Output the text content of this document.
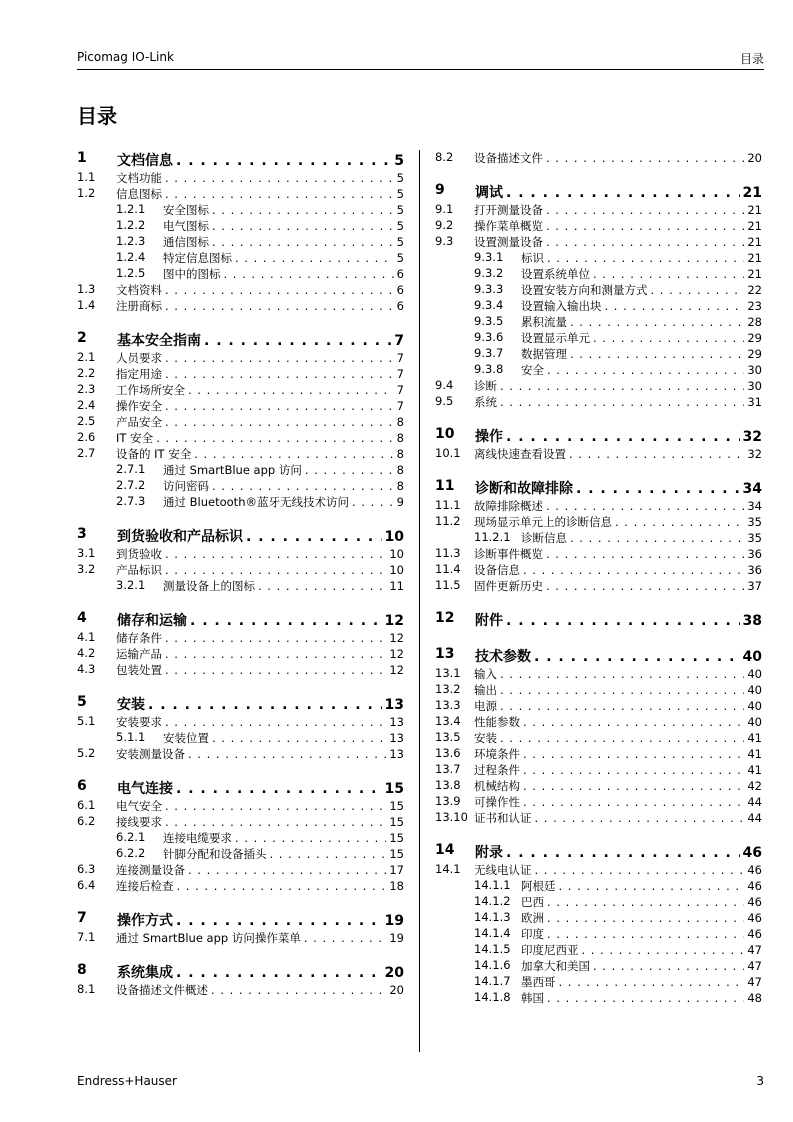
Picomag IO-Link	目录
目录
1 文档信息 . . .	5
1.1 文档功能 . . .	5
1.2 信息图标 . . .	5
1.2.1 安全图标 . . .	5
1.2.2 电气图标 . . .	5
1.2.3 通信图标 . . .	5
1.2.4 特定信息图标 . . .	5
1.2.5 图中的图标 . . .	6
1.3 文档资料 . . .	6
1.4 注册商标 . . .	6
2 基本安全指南 . . .	7
2.1 人员要求 . . .	7
2.2 指定用途 . . .	7
2.3 工作场所安全 . . .	7
2.4 操作安全 . . .	7
2.5 产品安全 . . .	8
2.6 IT 安全 . . .	8
2.7 设备的 IT 安全 . . .	8
2.7.1 通过 SmartBlue app 访问 . . .	8
2.7.2 访问密码 . . .	8
2.7.3 通过 Bluetooth®蓝牙无线技术访问 . . .	9
3 到货验收和产品标识 . . .	10
3.1 到货验收 . . .	10
3.2 产品标识 . . .	10
3.2.1 测量设备上的图标 . . .	11
4 储存和运输 . . .	12
4.1 储存条件 . . .	12
4.2 运输产品 . . .	12
4.3 包装处置 . . .	12
5 安装 . . .	13
5.1 安装要求 . . .	13
5.1.1 安装位置 . . .	13
5.2 安装测量设备 . . .	13
6 电气连接 . . .	15
6.1 电气安全 . . .	15
6.2 接线要求 . . .	15
6.2.1 连接电缆要求 . . .	15
6.2.2 针脚分配和设备插头 . . .	15
6.3 连接测量设备 . . .	17
6.4 连接后检查 . . .	18
7 操作方式 . . .	19
7.1 通过 SmartBlue app 访问操作菜单 . . .	19
8 系统集成 . . .	20
8.1 设备描述文件概述 . . .	20
8.2 设备描述文件 . . .	20
9 调试 . . .	21
9.1 打开测量设备 . . .	21
9.2 操作菜单概览 . . .	21
9.3 设置测量设备 . . .	21
9.3.1 标识 . . .	21
9.3.2 设置系统单位 . . .	21
9.3.3 设置安装方向和测量方式 . . .	22
9.3.4 设置输入输出块 . . .	23
9.3.5 累积流量 . . .	28
9.3.6 设置显示单元 . . .	29
9.3.7 数据管理 . . .	29
9.3.8 安全 . . .	30
9.4 诊断 . . .	30
9.5 系统 . . .	31
10 操作 . . .	32
10.1 离线快速查看设置 . . .	32
11 诊断和故障排除 . . .	34
11.1 故障排除概述 . . .	34
11.2 现场显示单元上的诊断信息 . . .	35
11.2.1 诊断信息 . . .	35
11.3 诊断事件概览 . . .	36
11.4 设备信息 . . .	36
11.5 固件更新历史 . . .	37
12 附件 . . .	38
13 技术参数 . . .	40
13.1 输入 . . .	40
13.2 输出 . . .	40
13.3 电源 . . .	40
13.4 性能参数 . . .	40
13.5 安装 . . .	41
13.6 环境条件 . . .	41
13.7 过程条件 . . .	41
13.8 机械结构 . . .	42
13.9 可操作性 . . .	44
13.10 证书和认证 . . .	44
14 附录 . . .	46
14.1 无线电认证 . . .	46
14.1.1 阿根廷 . . .	46
14.1.2 巴西 . . .	46
14.1.3 欧洲 . . .	46
14.1.4 印度 . . .	46
14.1.5 印度尼西亚 . . .	47
14.1.6 加拿大和美国 . . .	47
14.1.7 墨西哥 . . .	47
14.1.8 韩国 . . .	48
Endress+Hauser	3
